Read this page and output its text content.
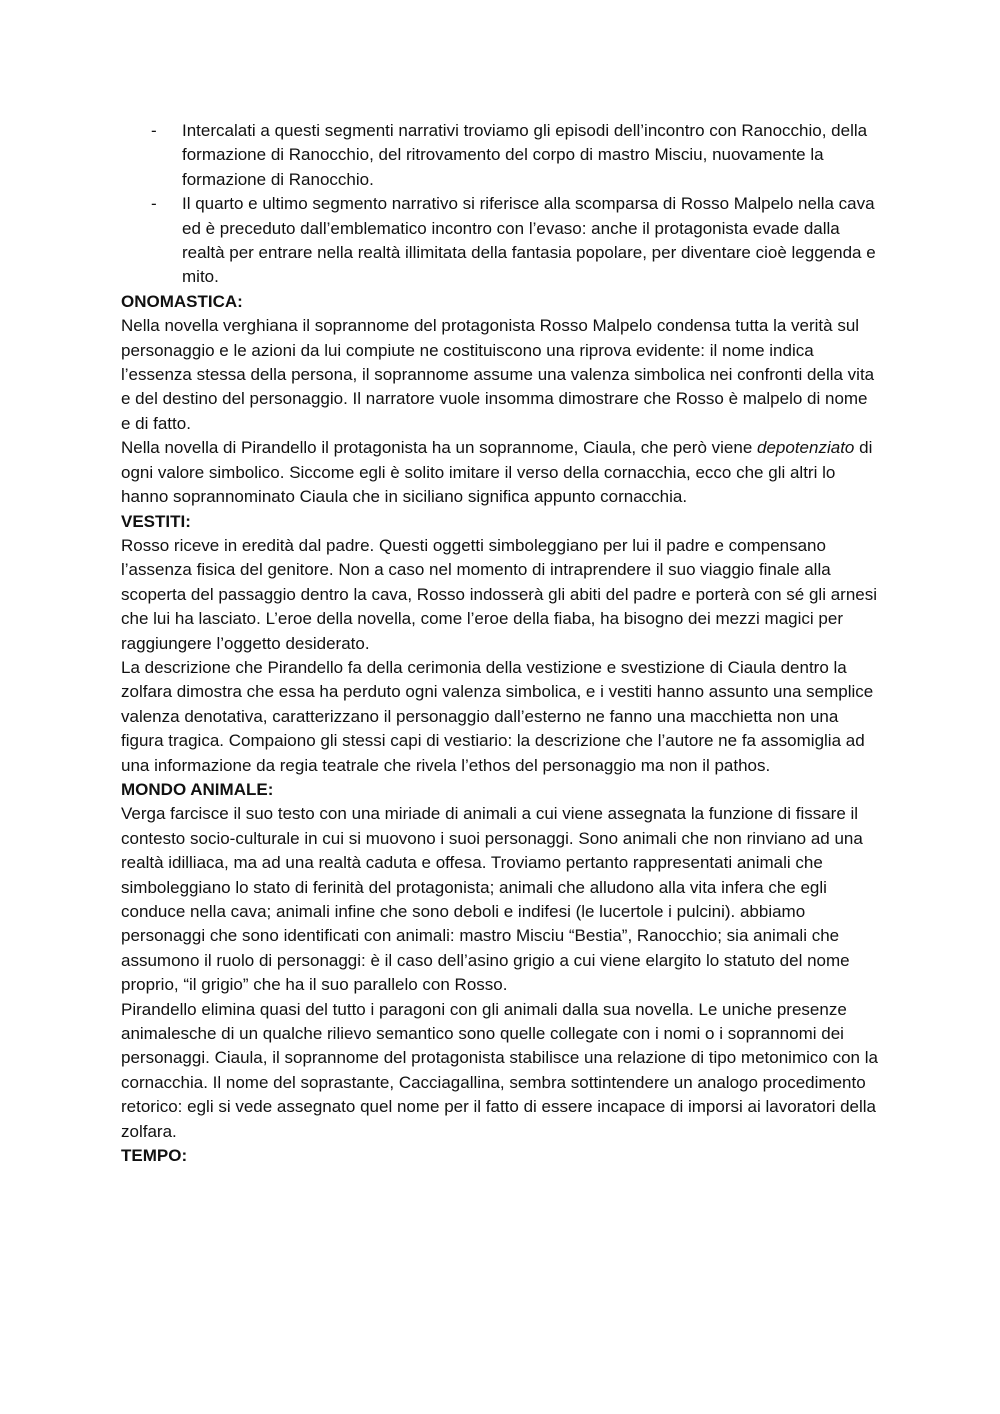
- Intercalati a questi segmenti narrativi troviamo gli episodi dell’incontro con Ranocchio, della formazione di Ranocchio, del ritrovamento del corpo di mastro Misciu, nuovamente la formazione di Ranocchio.
- Il quarto e ultimo segmento narrativo si riferisce alla scomparsa di Rosso Malpelo nella cava ed è preceduto dall’emblematico incontro con l’evaso: anche il protagonista evade dalla realtà per entrare nella realtà illimitata della fantasia popolare, per diventare cioè leggenda e mito.

ONOMASTICA:

Nella novella verghiana il soprannome del protagonista Rosso Malpelo condensa tutta la verità sul personaggio e le azioni da lui compiute ne costituiscono una riprova evidente: il nome indica l’essenza stessa della persona, il soprannome assume una valenza simbolica nei confronti della vita e del destino del personaggio. Il narratore vuole insomma dimostrare che Rosso è malpelo di nome e di fatto.

Nella novella di Pirandello il protagonista ha un soprannome, Ciaula, che però viene depotenziato di ogni valore simbolico. Siccome egli è solito imitare il verso della cornacchia, ecco che gli altri lo hanno soprannominato Ciaula che in siciliano significa appunto cornacchia.

VESTITI:

Rosso riceve in eredità dal padre. Questi oggetti simboleggiano per lui il padre e compensano l’assenza fisica del genitore. Non a caso nel momento di intraprendere il suo viaggio finale alla scoperta del passaggio dentro la cava, Rosso indosserà gli abiti del padre e porterà con sé gli arnesi che lui ha lasciato. L’eroe della novella, come l’eroe della fiaba, ha bisogno dei mezzi magici per raggiungere l’oggetto desiderato.

La descrizione che Pirandello fa della cerimonia della vestizione e svestizione di Ciaula dentro la zolfara dimostra che essa ha perduto ogni valenza simbolica, e i vestiti hanno assunto una semplice valenza denotativa, caratterizzano il personaggio dall’esterno ne fanno una macchietta non una figura tragica. Compaiono gli stessi capi di vestiario: la descrizione che l’autore ne fa assomiglia ad una informazione da regia teatrale che rivela l’ethos del personaggio ma non il pathos.

MONDO ANIMALE:

Verga farcisce il suo testo con una miriade di animali a cui viene assegnata la funzione di fissare il contesto socio-culturale in cui si muovono i suoi personaggi. Sono animali che non rinviano ad una realtà idilliaca, ma ad una realtà caduta e offesa. Troviamo pertanto rappresentati animali che simboleggiano lo stato di ferinità del protagonista; animali che alludono alla vita infera che egli conduce nella cava; animali infine che sono deboli e indifesi (le lucertole i pulcini). abbiamo personaggi che sono identificati con animali: mastro Misciu “Bestia”, Ranocchio; sia animali che assumono il ruolo di personaggi: è il caso dell’asino grigio a cui viene elargito lo statuto del nome proprio, “il grigio” che ha il suo parallelo con Rosso.

Pirandello elimina quasi del tutto i paragoni con gli animali dalla sua novella. Le uniche presenze animalesche di un qualche rilievo semantico sono quelle collegate con i nomi o i soprannomi dei personaggi. Ciaula, il soprannome del protagonista stabilisce una relazione di tipo metonimico con la cornacchia. Il nome del soprastante, Cacciagallina, sembra sottintendere un analogo procedimento retorico: egli si vede assegnato quel nome per il fatto di essere incapace di imporsi ai lavoratori della zolfara.

TEMPO:
